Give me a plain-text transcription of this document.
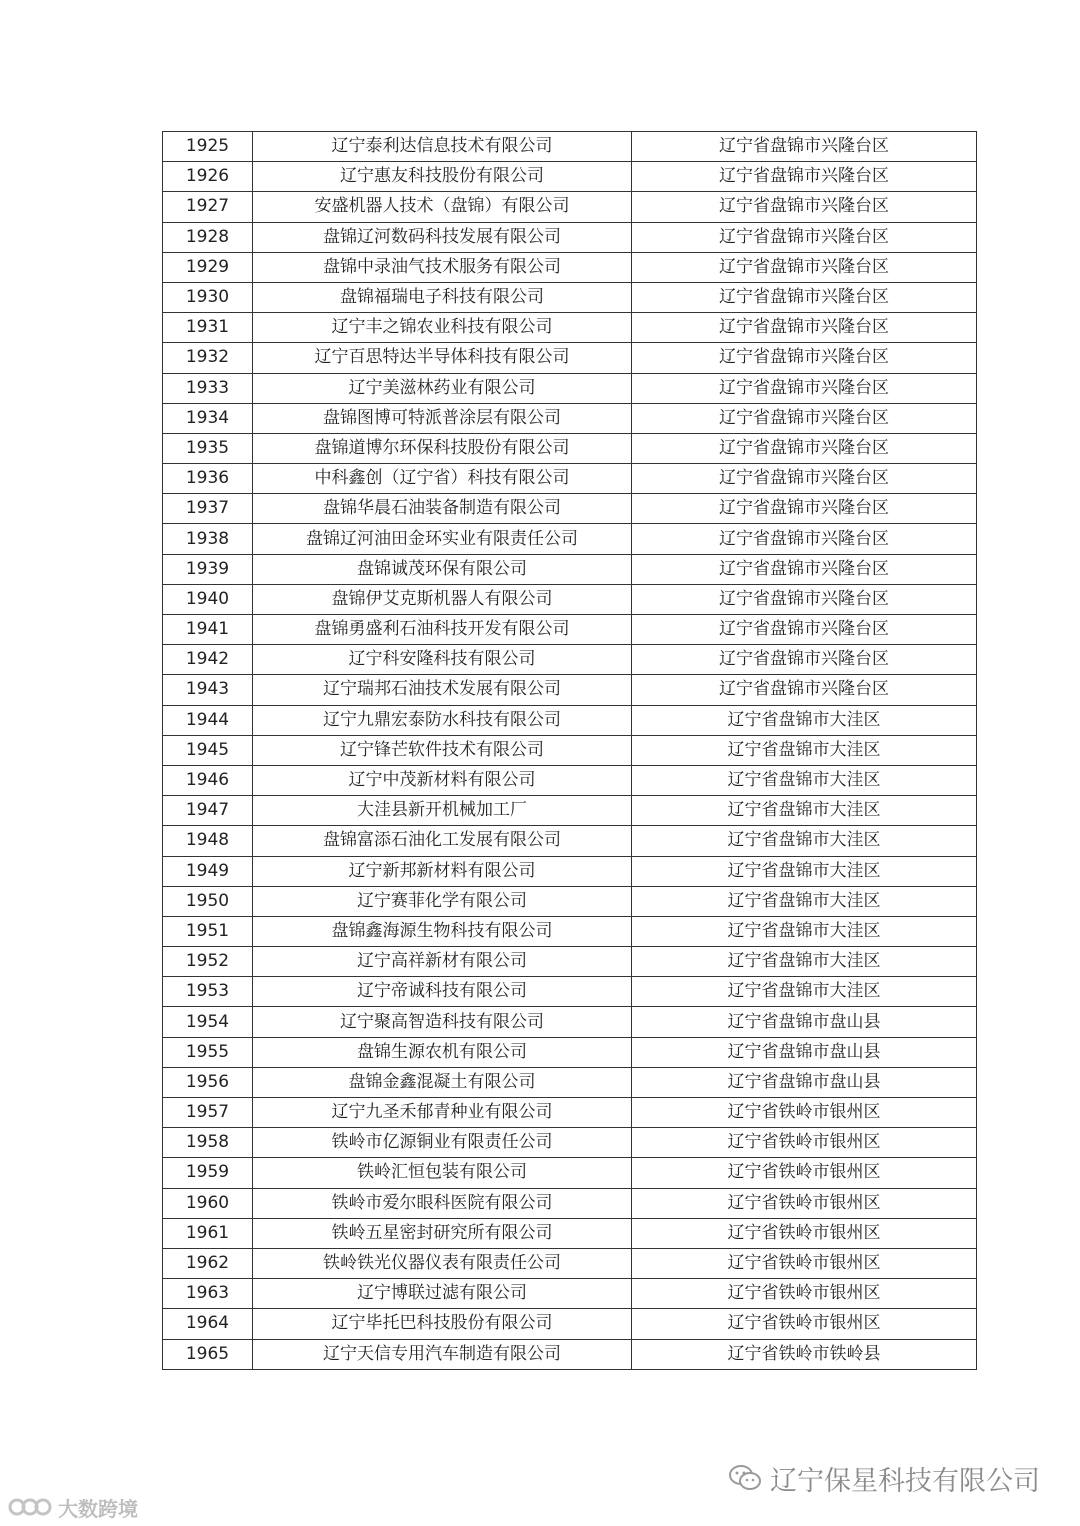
1925	辽宁泰利达信息技术有限公司	辽宁省盘锦市兴隆台区
1926	辽宁惠友科技股份有限公司	辽宁省盘锦市兴隆台区
1927	安盛机器人技术（盘锦）有限公司	辽宁省盘锦市兴隆台区
1928	盘锦辽河数码科技发展有限公司	辽宁省盘锦市兴隆台区
1929	盘锦中录油气技术服务有限公司	辽宁省盘锦市兴隆台区
1930	盘锦福瑞电子科技有限公司	辽宁省盘锦市兴隆台区
1931	辽宁丰之锦农业科技有限公司	辽宁省盘锦市兴隆台区
1932	辽宁百思特达半导体科技有限公司	辽宁省盘锦市兴隆台区
1933	辽宁美滋林药业有限公司	辽宁省盘锦市兴隆台区
1934	盘锦图博可特派普涂层有限公司	辽宁省盘锦市兴隆台区
1935	盘锦道博尔环保科技股份有限公司	辽宁省盘锦市兴隆台区
1936	中科鑫创（辽宁省）科技有限公司	辽宁省盘锦市兴隆台区
1937	盘锦华晨石油装备制造有限公司	辽宁省盘锦市兴隆台区
1938	盘锦辽河油田金环实业有限责任公司	辽宁省盘锦市兴隆台区
1939	盘锦诚茂环保有限公司	辽宁省盘锦市兴隆台区
1940	盘锦伊艾克斯机器人有限公司	辽宁省盘锦市兴隆台区
1941	盘锦勇盛利石油科技开发有限公司	辽宁省盘锦市兴隆台区
1942	辽宁科安隆科技有限公司	辽宁省盘锦市兴隆台区
1943	辽宁瑞邦石油技术发展有限公司	辽宁省盘锦市兴隆台区
1944	辽宁九鼎宏泰防水科技有限公司	辽宁省盘锦市大洼区
1945	辽宁锋芒软件技术有限公司	辽宁省盘锦市大洼区
1946	辽宁中茂新材料有限公司	辽宁省盘锦市大洼区
1947	大洼县新开机械加工厂	辽宁省盘锦市大洼区
1948	盘锦富添石油化工发展有限公司	辽宁省盘锦市大洼区
1949	辽宁新邦新材料有限公司	辽宁省盘锦市大洼区
1950	辽宁赛菲化学有限公司	辽宁省盘锦市大洼区
1951	盘锦鑫海源生物科技有限公司	辽宁省盘锦市大洼区
1952	辽宁高祥新材有限公司	辽宁省盘锦市大洼区
1953	辽宁帝诚科技有限公司	辽宁省盘锦市大洼区
1954	辽宁聚高智造科技有限公司	辽宁省盘锦市盘山县
1955	盘锦生源农机有限公司	辽宁省盘锦市盘山县
1956	盘锦金鑫混凝土有限公司	辽宁省盘锦市盘山县
1957	辽宁九圣禾郁青种业有限公司	辽宁省铁岭市银州区
1958	铁岭市亿源铜业有限责任公司	辽宁省铁岭市银州区
1959	铁岭汇恒包装有限公司	辽宁省铁岭市银州区
1960	铁岭市爱尔眼科医院有限公司	辽宁省铁岭市银州区
1961	铁岭五星密封研究所有限公司	辽宁省铁岭市银州区
1962	铁岭铁光仪器仪表有限责任公司	辽宁省铁岭市银州区
1963	辽宁博联过滤有限公司	辽宁省铁岭市银州区
1964	辽宁毕托巴科技股份有限公司	辽宁省铁岭市银州区
1965	辽宁天信专用汽车制造有限公司	辽宁省铁岭市铁岭县
大数跨境
辽宁保星科技有限公司
